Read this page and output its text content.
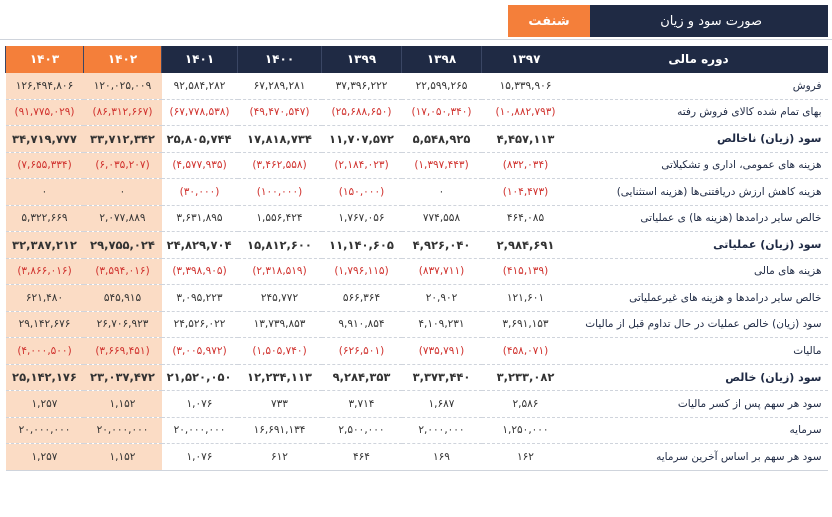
صورت سود و زیان
شنفت
دوره مالی	۱۳۹۷	۱۳۹۸	۱۳۹۹	۱۴۰۰	۱۴۰۱	۱۴۰۲	۱۴۰۳
فروش	۱۵,۳۳۹,۹۰۶	۲۲,۵۹۹,۲۶۵	۳۷,۳۹۶,۲۲۲	۶۷,۲۸۹,۲۸۱	۹۲,۵۸۴,۲۸۲	۱۲۰,۰۲۵,۰۰۹	۱۲۶,۴۹۴,۸۰۶
بهای تمام شده کالای فروش رفته	(۱۰,۸۸۲,۷۹۳)	(۱۷,۰۵۰,۳۴۰)	(۲۵,۶۸۸,۶۵۰)	(۴۹,۴۷۰,۵۴۷)	(۶۷,۷۷۸,۵۳۸)	(۸۶,۳۱۲,۶۶۷)	(۹۱,۷۷۵,۰۲۹)
سود (زیان) ناخالص	۴,۴۵۷,۱۱۳	۵,۵۴۸,۹۲۵	۱۱,۷۰۷,۵۷۲	۱۷,۸۱۸,۷۳۴	۲۵,۸۰۵,۷۴۴	۳۳,۷۱۲,۳۴۲	۳۴,۷۱۹,۷۷۷
هزینه های عمومی، اداری و تشکیلاتی	(۸۳۲,۰۳۴)	(۱,۳۹۷,۴۴۳)	(۲,۱۸۴,۰۲۳)	(۳,۴۶۲,۵۵۸)	(۴,۵۷۷,۹۳۵)	(۶,۰۳۵,۲۰۷)	(۷,۶۵۵,۳۳۴)
هزینه کاهش ارزش دریافتنی‌ها (هزینه استثنایی)	(۱۰۴,۴۷۳)	۰	(۱۵۰,۰۰۰)	(۱۰۰,۰۰۰)	(۳۰,۰۰۰)	۰	۰
خالص سایر درامدها (هزینه ها) ی عملیاتی	۴۶۴,۰۸۵	۷۷۴,۵۵۸	۱,۷۶۷,۰۵۶	۱,۵۵۶,۴۲۴	۳,۶۳۱,۸۹۵	۲,۰۷۷,۸۸۹	۵,۳۲۲,۶۶۹
سود (زیان) عملیاتی	۲,۹۸۴,۶۹۱	۴,۹۲۶,۰۴۰	۱۱,۱۴۰,۶۰۵	۱۵,۸۱۲,۶۰۰	۲۴,۸۲۹,۷۰۴	۲۹,۷۵۵,۰۲۴	۳۲,۳۸۷,۲۱۲
هزینه های مالی	(۴۱۵,۱۳۹)	(۸۳۷,۷۱۱)	(۱,۷۹۶,۱۱۵)	(۲,۳۱۸,۵۱۹)	(۳,۳۹۸,۹۰۵)	(۳,۵۹۴,۰۱۶)	(۳,۸۶۶,۰۱۶)
خالص سایر درامدها و هزینه های غیرعملیاتی	۱۲۱,۶۰۱	۲۰,۹۰۲	۵۶۶,۳۶۴	۲۴۵,۷۷۲	۳,۰۹۵,۲۲۳	۵۴۵,۹۱۵	۶۲۱,۴۸۰
سود (زیان) خالص عملیات در حال تداوم قبل از مالیات	۳,۶۹۱,۱۵۳	۴,۱۰۹,۲۳۱	۹,۹۱۰,۸۵۴	۱۳,۷۳۹,۸۵۳	۲۴,۵۲۶,۰۲۲	۲۶,۷۰۶,۹۲۳	۲۹,۱۴۲,۶۷۶
مالیات	(۴۵۸,۰۷۱)	(۷۳۵,۷۹۱)	(۶۲۶,۵۰۱)	(۱,۵۰۵,۷۴۰)	(۳,۰۰۵,۹۷۲)	(۳,۶۶۹,۴۵۱)	(۴,۰۰۰,۵۰۰)
سود (زیان) خالص	۳,۲۳۳,۰۸۲	۳,۳۷۳,۴۴۰	۹,۲۸۴,۳۵۳	۱۲,۲۳۴,۱۱۳	۲۱,۵۲۰,۰۵۰	۲۳,۰۳۷,۴۷۲	۲۵,۱۴۲,۱۷۶
سود هر سهم پس از کسر مالیات	۲,۵۸۶	۱,۶۸۷	۳,۷۱۴	۷۳۳	۱,۰۷۶	۱,۱۵۲	۱,۲۵۷
سرمایه	۱,۲۵۰,۰۰۰	۲,۰۰۰,۰۰۰	۲,۵۰۰,۰۰۰	۱۶,۶۹۱,۱۳۴	۲۰,۰۰۰,۰۰۰	۲۰,۰۰۰,۰۰۰	۲۰,۰۰۰,۰۰۰
سود هر سهم بر اساس آخرین سرمایه	۱۶۲	۱۶۹	۴۶۴	۶۱۲	۱,۰۷۶	۱,۱۵۲	۱,۲۵۷
